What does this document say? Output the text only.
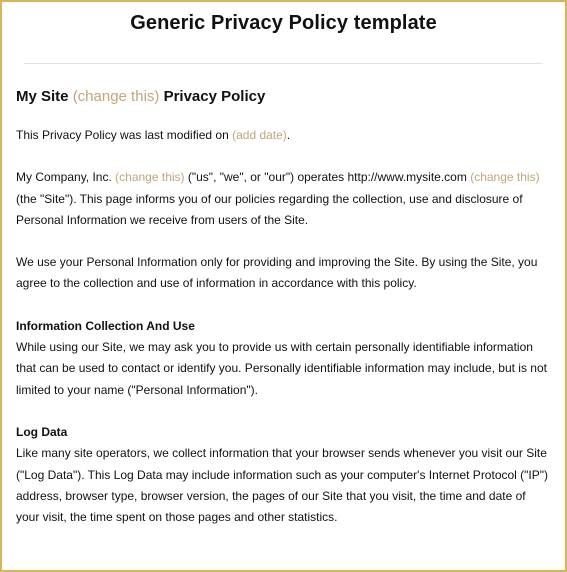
Generic Privacy Policy template
My Site (change this) Privacy Policy

This Privacy Policy was last modified on (add date).

My Company, Inc. (change this) ("us", "we", or "our") operates http://www.mysite.com (change this) (the "Site"). This page informs you of our policies regarding the collection, use and disclosure of Personal Information we receive from users of the Site.

We use your Personal Information only for providing and improving the Site. By using the Site, you agree to the collection and use of information in accordance with this policy.

Information Collection And Use

While using our Site, we may ask you to provide us with certain personally identifiable information that can be used to contact or identify you. Personally identifiable information may include, but is not limited to your name ("Personal Information").

Log Data

Like many site operators, we collect information that your browser sends whenever you visit our Site ("Log Data"). This Log Data may include information such as your computer's Internet Protocol ("IP") address, browser type, browser version, the pages of our Site that you visit, the time and date of your visit, the time spent on those pages and other statistics.
